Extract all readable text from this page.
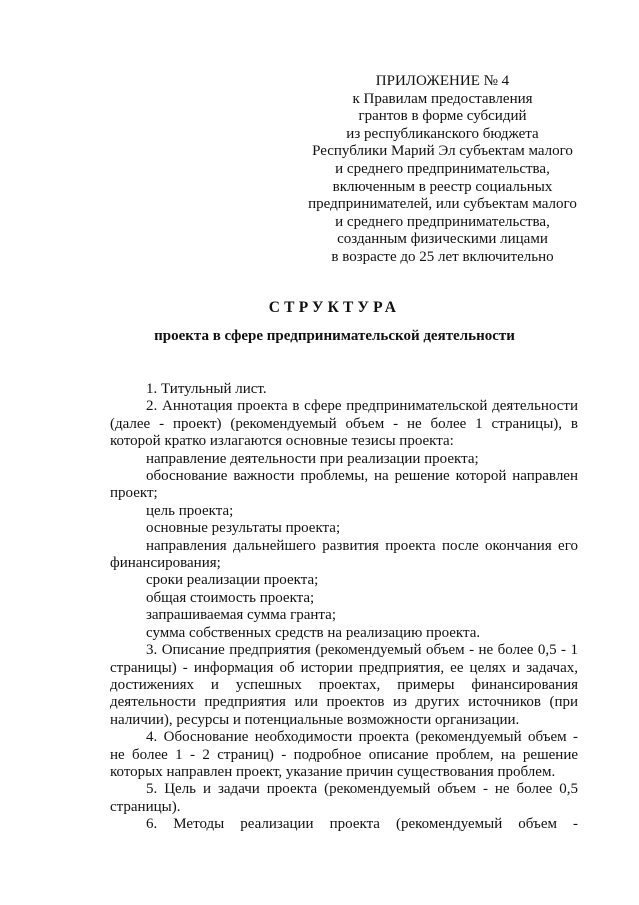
ПРИЛОЖЕНИЕ № 4
к Правилам предоставления
грантов в форме субсидий
из республиканского бюджета
Республики Марий Эл субъектам малого
и среднего предпринимательства,
включенным в реестр социальных
предпринимателей, или субъектам малого
и среднего предпринимательства,
созданным физическими лицами
в возрасте до 25 лет включительно
СТРУКТУРА
проекта в сфере предпринимательской деятельности

1. Титульный лист.

2. Аннотация проекта в сфере предпринимательской деятельности (далее - проект) (рекомендуемый объем - не более 1 страницы), в которой кратко излагаются основные тезисы проекта:

направление деятельности при реализации проекта;

обоснование важности проблемы, на решение которой направлен проект;

цель проекта;

основные результаты проекта;

направления дальнейшего развития проекта после окончания его финансирования;

сроки реализации проекта;

общая стоимость проекта;

запрашиваемая сумма гранта;

сумма собственных средств на реализацию проекта.

3. Описание предприятия (рекомендуемый объем - не более 0,5 - 1 страницы) - информация об истории предприятия, ее целях и задачах, достижениях и успешных проектах, примеры финансирования деятельности предприятия или проектов из других источников (при наличии), ресурсы и потенциальные возможности организации.

4. Обоснование необходимости проекта (рекомендуемый объем - не более 1 - 2 страниц) - подробное описание проблем, на решение которых направлен проект, указание причин существования проблем.

5. Цель и задачи проекта (рекомендуемый объем - не более 0,5 страницы).

6. Методы реализации проекта (рекомендуемый объем -
